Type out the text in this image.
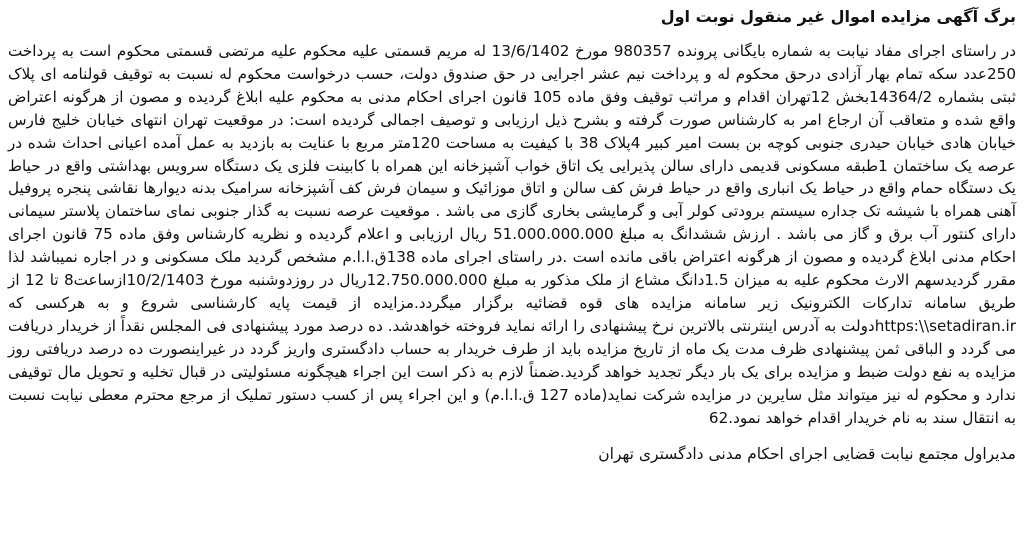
برگ آگهی مزایده اموال غیر منقول نوبت اول

در راستای اجرای مفاد نیابت به شماره بایگانی پرونده 980357 مورخ 13/6/1402 له مریم قسمتی علیه محکوم علیه مرتضی قسمتی محکوم است به پرداخت 250عدد سکه تمام بهار آزادی درحق محکوم له و پرداخت نیم عشر اجرایی در حق صندوق دولت، حسب درخواست محکوم له نسبت به توقیف قولنامه ای پلاک ثبتی بشماره 14364/2بخش 12تهران اقدام و مراتب توقیف وفق ماده 105 قانون اجرای احکام مدنی به محکوم علیه ابلاغ گردیده و مصون از هرگونه اعتراض واقع شده و متعاقب آن ارجاع امر به کارشناس صورت گرفته و بشرح ذیل ارزیابی و توصیف اجمالی گردیده است: در موقعیت تهران انتهای خیابان خلیج فارس خیابان هادی خیابان حیدری جنوبی کوچه بن بست امیر کبیر 4پلاک 38 با کیفیت به مساحت 120متر مربع با عنایت به بازدید به عمل آمده اعیانی احداث شده در عرصه یک ساختمان 1طبقه مسکونی قدیمی دارای سالن پذیرایی یک اتاق خواب آشپزخانه این همراه با کابینت فلزی یک دستگاه سرویس بهداشتی واقع در حیاط یک دستگاه حمام واقع در حیاط یک انباری واقع در حیاط فرش کف سالن و اتاق موزائیک و سیمان فرش کف آشپزخانه سرامیک بدنه دیوارها نقاشی پنجره پروفیل آهنی همراه با شیشه تک جداره سیستم برودتی کولر آبی و گرمایشی بخاری گازی می باشد . موقعیت عرصه نسبت به گذار جنوبی نمای ساختمان پلاستر سیمانی دارای کنتور آب برق و گاز می باشد . ارزش ششدانگ به مبلغ 51.000.000.000 ریال ارزیابی و اعلام گردیده و نظریه کارشناس وفق ماده 75 قانون اجرای احکام مدنی ابلاغ گردیده و مصون از هرگونه اعتراض باقی مانده است .در راستای اجرای ماده 138ق.ا.ا.م مشخص گردید ملک مسکونی و در اجاره نمیباشد لذا مقرر گردیدسهم الارث محکوم علیه به میزان 1.5دانگ مشاع از ملک مذکور به مبلغ 12.750.000.000ریال در روزدوشنبه مورخ 10/2/1403ازساعت8 تا 12 از طریق سامانه تدارکات الکترونیک زیر سامانه مزایده های قوه قضائیه برگزار میگردد.مزایده از قیمت پایه کارشناسی شروع و به هرکسی که https:\\setadiran.irدولت به آدرس اینترنتی بالاترین نرخ پیشنهادی را ارائه نماید فروخته خواهدشد. ده درصد مورد پیشنهادی فی المجلس نقداً از خریدار دریافت می گردد و الباقی ثمن پیشنهادی ظرف مدت یک ماه از تاریخ مزایده باید از طرف خریدار به حساب دادگستری واریز گردد در غیراینصورت ده درصد دریافتی روز مزایده به نفع دولت ضبط و مزایده برای یک بار دیگر تجدید خواهد گردید.ضمناً لازم به ذکر است این اجراء هیچگونه مسئولیتی در قبال تخلیه و تحویل مال توقیفی ندارد و محکوم له نیز میتواند مثل سایرین در مزایده شرکت نماید(ماده 127 ق.ا.ا.م) و این اجراء پس از کسب دستور تملیک از مرجع محترم معطی نیابت نسبت به انتقال سند به نام خریدار اقدام خواهد نمود.62

مدیراول مجتمع نیابت قضایی اجرای احکام مدنی دادگستری تهران
